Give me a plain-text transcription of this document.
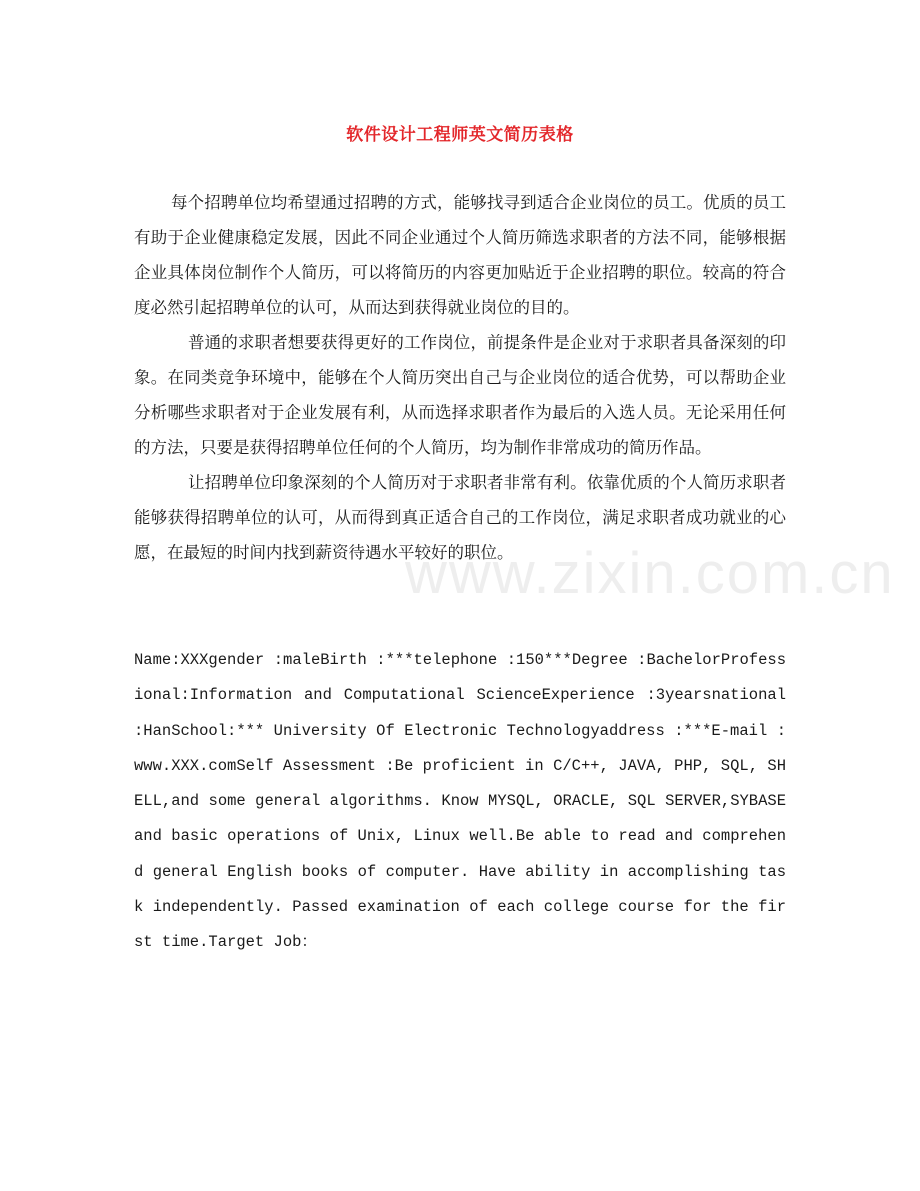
www.zixin.com.cn
软件设计工程师英文简历表格

每个招聘单位均希望通过招聘的方式，能够找寻到适合企业岗位的员工。优质的员工有助于企业健康稳定发展，因此不同企业通过个人简历筛选求职者的方法不同，能够根据企业具体岗位制作个人简历，可以将简历的内容更加贴近于企业招聘的职位。较高的符合度必然引起招聘单位的认可，从而达到获得就业岗位的目的。

普通的求职者想要获得更好的工作岗位，前提条件是企业对于求职者具备深刻的印象。在同类竞争环境中，能够在个人简历突出自己与企业岗位的适合优势，可以帮助企业分析哪些求职者对于企业发展有利，从而选择求职者作为最后的入选人员。无论采用任何的方法，只要是获得招聘单位任何的个人简历，均为制作非常成功的简历作品。

让招聘单位印象深刻的个人简历对于求职者非常有利。依靠优质的个人简历求职者能够获得招聘单位的认可，从而得到真正适合自己的工作岗位，满足求职者成功就业的心愿，在最短的时间内找到薪资待遇水平较好的职位。

Name:XXXgender :maleBirth :***telephone :150***Degree :BachelorProfessional:Information and Computational ScienceExperience :3yearsnational :HanSchool:*** University Of Electronic Technologyaddress :***E-mail :www.XXX.comSelf Assessment :Be proficient in C/C++, JAVA, PHP, SQL, SHELL,and some general algorithms. Know MYSQL, ORACLE, SQL SERVER,SYBASE and basic operations of Unix, Linux well.Be able to read and comprehend general English books of computer. Have ability in accomplishing task independently. Passed examination of each college course for the first time.Target Job：
